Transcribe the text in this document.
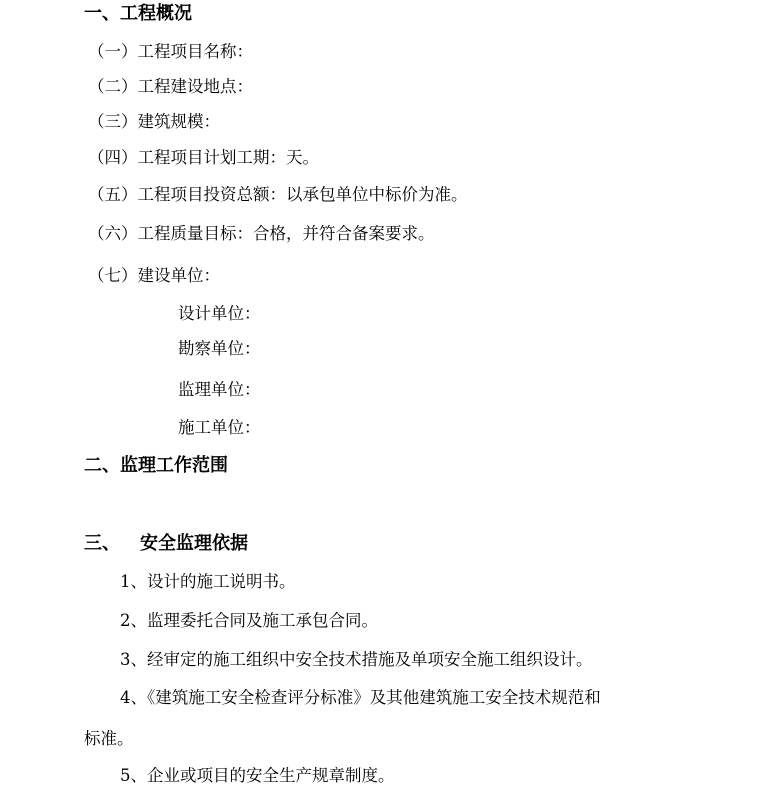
一、工程概况
（一）工程项目名称：
（二）工程建设地点：
（三）建筑规模：
（四）工程项目计划工期：天。
（五）工程项目投资总额：以承包单位中标价为准。
（六）工程质量目标：合格，并符合备案要求。
（七）建设单位：
设计单位：
勘察单位：
监理单位：
施工单位：
二、监理工作范围
三、 安全监理依据
1、设计的施工说明书。
2、监理委托合同及施工承包合同。
3、经审定的施工组织中安全技术措施及单项安全施工组织设计。
4、《建筑施工安全检查评分标准》及其他建筑施工安全技术规范和
标准。
5、企业或项目的安全生产规章制度。
